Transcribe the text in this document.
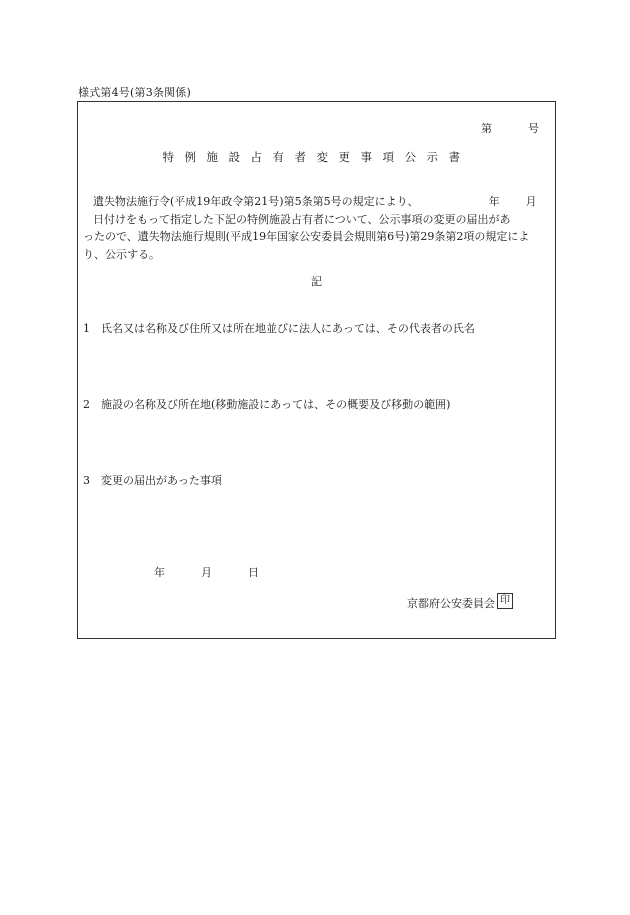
様式第4号(第3条関係)
第	号
特例施設占有者変更事項公示書
遺失物法施行令(平成19年政令第21号)第5条第5号の規定により、	年 月
日付けをもって指定した下記の特例施設占有者について、公示事項の変更の届出があ
ったので、遺失物法施行規則(平成19年国家公安委員会規則第6号)第29条第2項の規定によ
り、公示する。
記
1 氏名又は名称及び住所又は所在地並びに法人にあっては、その代表者の氏名
2 施設の名称及び所在地(移動施設にあっては、その概要及び移動の範囲)
3 変更の届出があった事項
年	月	日
京都府公安委員会 印
